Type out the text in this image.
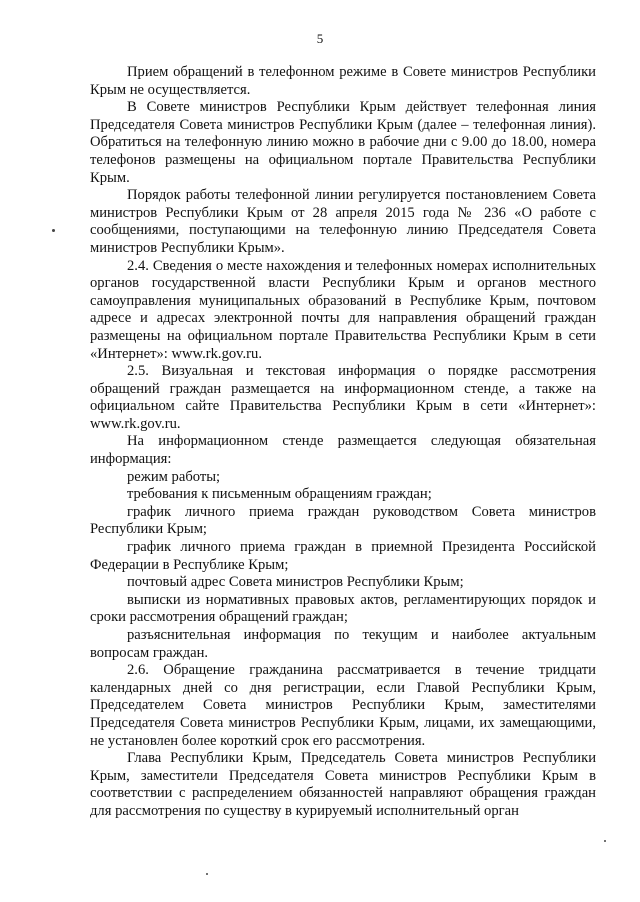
5

Прием обращений в телефонном режиме в Совете министров Республики Крым не осуществляется.

В Совете министров Республики Крым действует телефонная линия Председателя Совета министров Республики Крым (далее – телефонная линия). Обратиться на телефонную линию можно в рабочие дни с 9.00 до 18.00, номера телефонов размещены на официальном портале Правительства Республики Крым.

Порядок работы телефонной линии регулируется постановлением Совета министров Республики Крым от 28 апреля 2015 года № 236 «О работе с сообщениями, поступающими на телефонную линию Председателя Совета министров Республики Крым».

2.4. Сведения о месте нахождения и телефонных номерах исполнительных органов государственной власти Республики Крым и органов местного самоуправления муниципальных образований в Республике Крым, почтовом адресе и адресах электронной почты для направления обращений граждан размещены на официальном портале Правительства Республики Крым в сети «Интернет»: www.rk.gov.ru.

2.5. Визуальная и текстовая информация о порядке рассмотрения обращений граждан размещается на информационном стенде, а также на официальном сайте Правительства Республики Крым в сети «Интернет»: www.rk.gov.ru.

На информационном стенде размещается следующая обязательная информация:

режим работы;

требования к письменным обращениям граждан;

график личного приема граждан руководством Совета министров Республики Крым;

график личного приема граждан в приемной Президента Российской Федерации в Республике Крым;

почтовый адрес Совета министров Республики Крым;

выписки из нормативных правовых актов, регламентирующих порядок и сроки рассмотрения обращений граждан;

разъяснительная информация по текущим и наиболее актуальным вопросам граждан.

2.6. Обращение гражданина рассматривается в течение тридцати календарных дней со дня регистрации, если Главой Республики Крым, Председателем Совета министров Республики Крым, заместителями Председателя Совета министров Республики Крым, лицами, их замещающими, не установлен более короткий срок его рассмотрения.

Глава Республики Крым, Председатель Совета министров Республики Крым, заместители Председателя Совета министров Республики Крым в соответствии с распределением обязанностей направляют обращения граждан для рассмотрения по существу в курируемый исполнительный орган
